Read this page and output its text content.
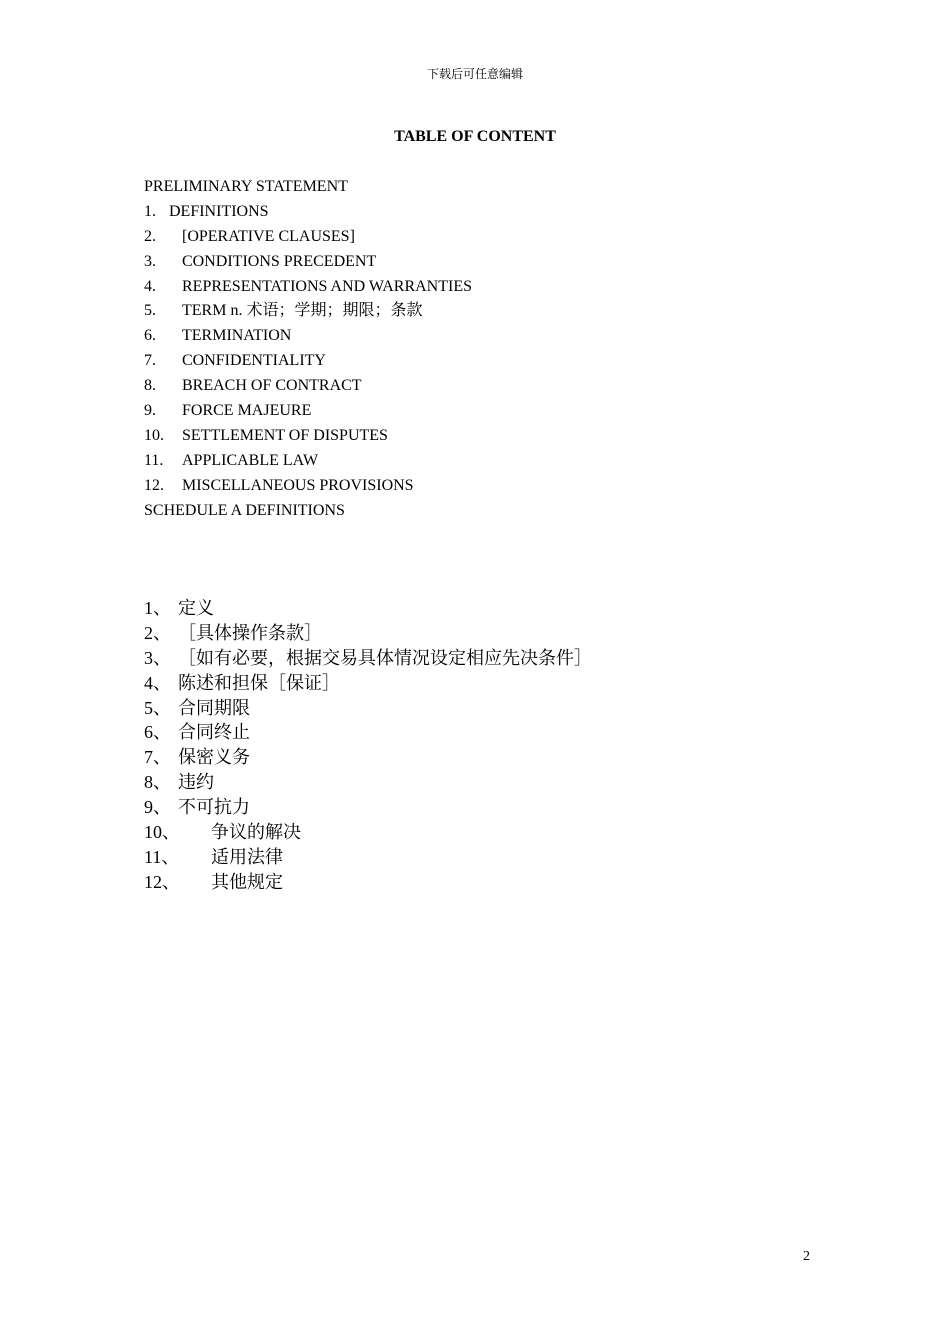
下载后可任意编辑
TABLE OF CONTENT
PRELIMINARY STATEMENT
1. DEFINITIONS
2. [OPERATIVE CLAUSES]
3. CONDITIONS PRECEDENT
4. REPRESENTATIONS AND WARRANTIES
5. TERM n. 术语；学期；期限；条款
6. TERMINATION
7. CONFIDENTIALITY
8. BREACH OF CONTRACT
9. FORCE MAJEURE
10. SETTLEMENT OF DISPUTES
11. APPLICABLE LAW
12. MISCELLANEOUS PROVISIONS
SCHEDULE A DEFINITIONS
1、 定义
2、 ［具体操作条款］
3、 ［如有必要，根据交易具体情况设定相应先决条件］
4、 陈述和担保［保证］
5、 合同期限
6、 合同终止
7、 保密义务
8、 违约
9、 不可抗力
10、 争议的解决
11、 适用法律
12、 其他规定
2
